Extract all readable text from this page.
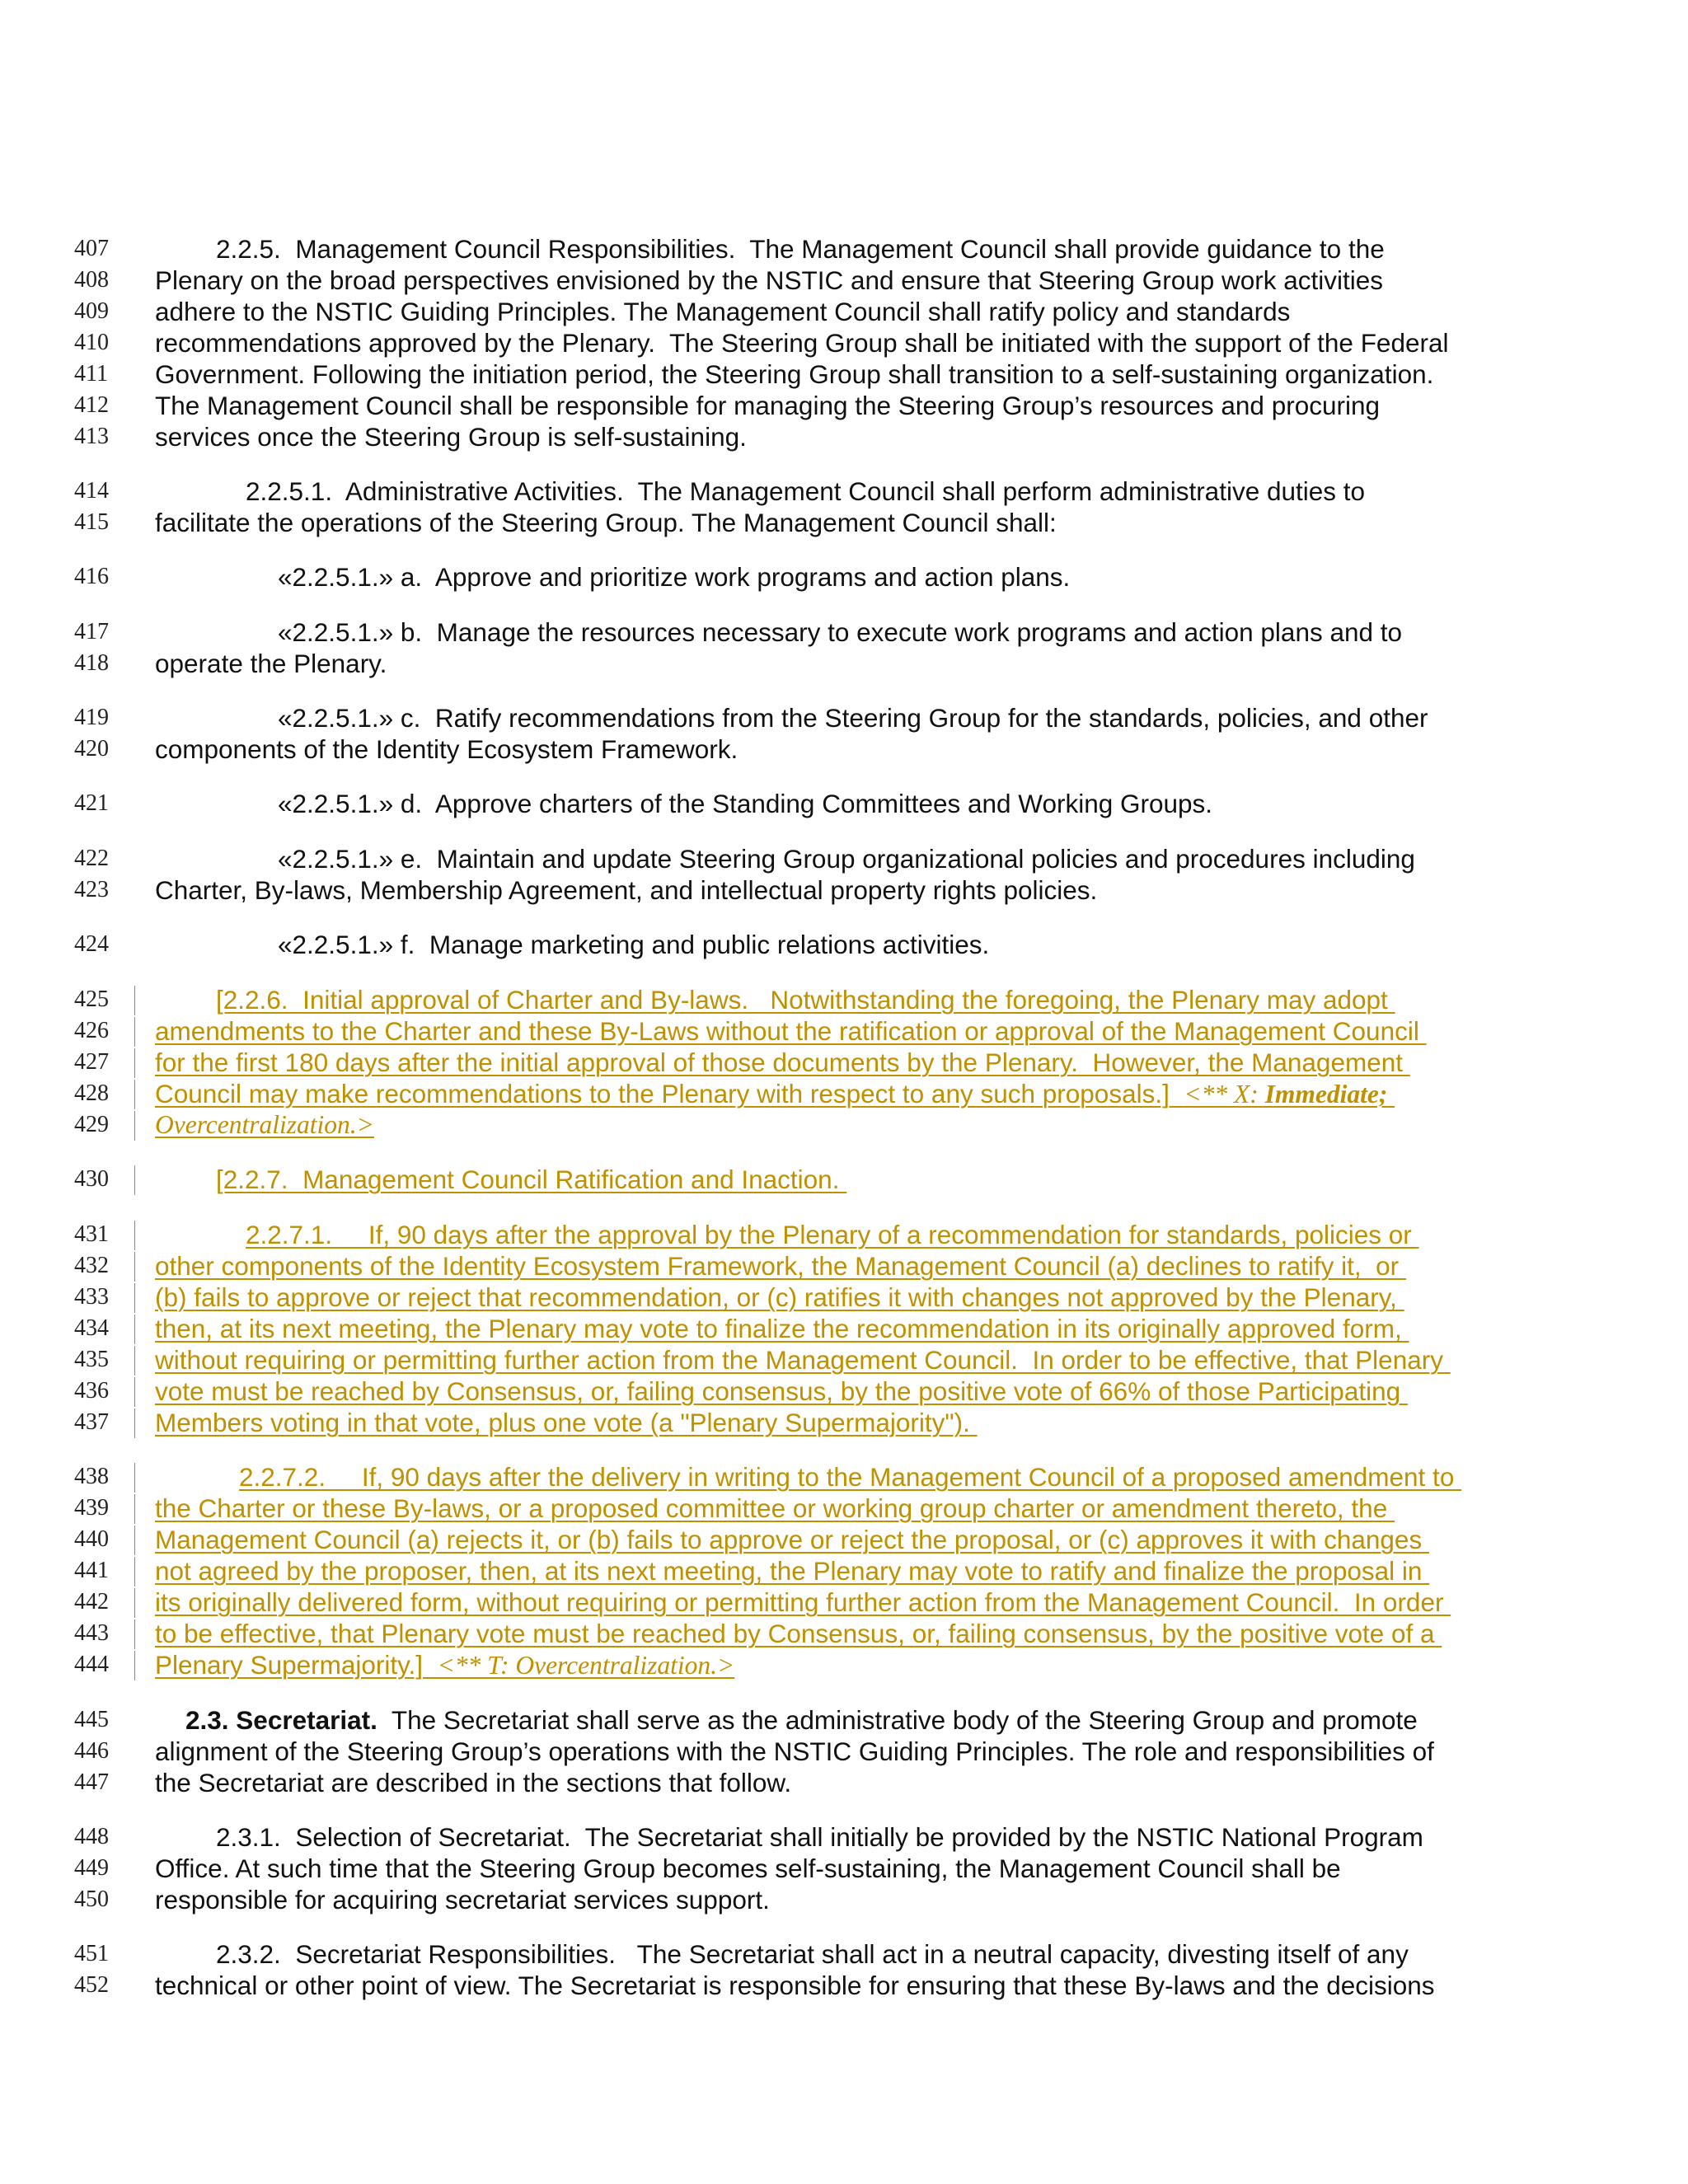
407

	2.2.5.  Management Council Responsibilities.  The Management Council shall provide guidance to the

408

Plenary on the broad perspectives envisioned by the NSTIC and ensure that Steering Group work activities

409

adhere to the NSTIC Guiding Principles. The Management Council shall ratify policy and standards

410

recommendations approved by the Plenary.  The Steering Group shall be initiated with the support of the Federal

411

Government. Following the initiation period, the Steering Group shall transition to a self-sustaining organization.

412

The Management Council shall be responsible for managing the Steering Group’s resources and procuring

413

services once the Steering Group is self-sustaining.

414

	2.2.5.1.  Administrative Activities.  The Management Council shall perform administrative duties to

415

facilitate the operations of the Steering Group. The Management Council shall:

416

	«2.2.5.1.» a.  Approve and prioritize work programs and action plans.

417

	«2.2.5.1.» b.  Manage the resources necessary to execute work programs and action plans and to

418

operate the Plenary.

419

	«2.2.5.1.» c.  Ratify recommendations from the Steering Group for the standards, policies, and other

420

components of the Identity Ecosystem Framework.

421

	«2.2.5.1.» d.  Approve charters of the Standing Committees and Working Groups.

422

	«2.2.5.1.» e.  Maintain and update Steering Group organizational policies and procedures including

423

Charter, By-laws, Membership Agreement, and intellectual property rights policies.

424

	«2.2.5.1.» f.  Manage marketing and public relations activities.

425

	[2.2.6.  Initial approval of Charter and By-laws.   Notwithstanding the foregoing, the Plenary may adopt

426

amendments to the Charter and these By-Laws without the ratification or approval of the Management Council

427

for the first 180 days after the initial approval of those documents by the Plenary.  However, the Management

428

Council may make recommendations to the Plenary with respect to any such proposals.]  <** X: Immediate;

429

Overcentralization.>

430

	[2.2.7.  Management Council Ratification and Inaction.

431

	2.2.7.1.     If, 90 days after the approval by the Plenary of a recommendation for standards, policies or

432

other components of the Identity Ecosystem Framework, the Management Council (a) declines to ratify it,  or

433

(b) fails to approve or reject that recommendation, or (c) ratifies it with changes not approved by the Plenary,

434

then, at its next meeting, the Plenary may vote to finalize the recommendation in its originally approved form,

435

without requiring or permitting further action from the Management Council.  In order to be effective, that Plenary

436

vote must be reached by Consensus, or, failing consensus, by the positive vote of 66% of those Participating

437

Members voting in that vote, plus one vote (a "Plenary Supermajority").

438

	2.2.7.2.     If, 90 days after the delivery in writing to the Management Council of a proposed amendment to

439

the Charter or these By-laws, or a proposed committee or working group charter or amendment thereto, the

440

Management Council (a) rejects it, or (b) fails to approve or reject the proposal, or (c) approves it with changes

441

not agreed by the proposer, then, at its next meeting, the Plenary may vote to ratify and finalize the proposal in

442

its originally delivered form, without requiring or permitting further action from the Management Council.  In order

443

to be effective, that Plenary vote must be reached by Consensus, or, failing consensus, by the positive vote of a

444

Plenary Supermajority.]  <** T: Overcentralization.>

445

	2.3. Secretariat.  The Secretariat shall serve as the administrative body of the Steering Group and promote

446

alignment of the Steering Group’s operations with the NSTIC Guiding Principles. The role and responsibilities of

447

the Secretariat are described in the sections that follow.

448

	2.3.1.  Selection of Secretariat.  The Secretariat shall initially be provided by the NSTIC National Program

449

Office. At such time that the Steering Group becomes self-sustaining, the Management Council shall be

450

responsible for acquiring secretariat services support.

451

	2.3.2.  Secretariat Responsibilities.   The Secretariat shall act in a neutral capacity, divesting itself of any

452

technical or other point of view. The Secretariat is responsible for ensuring that these By-laws and the decisions
